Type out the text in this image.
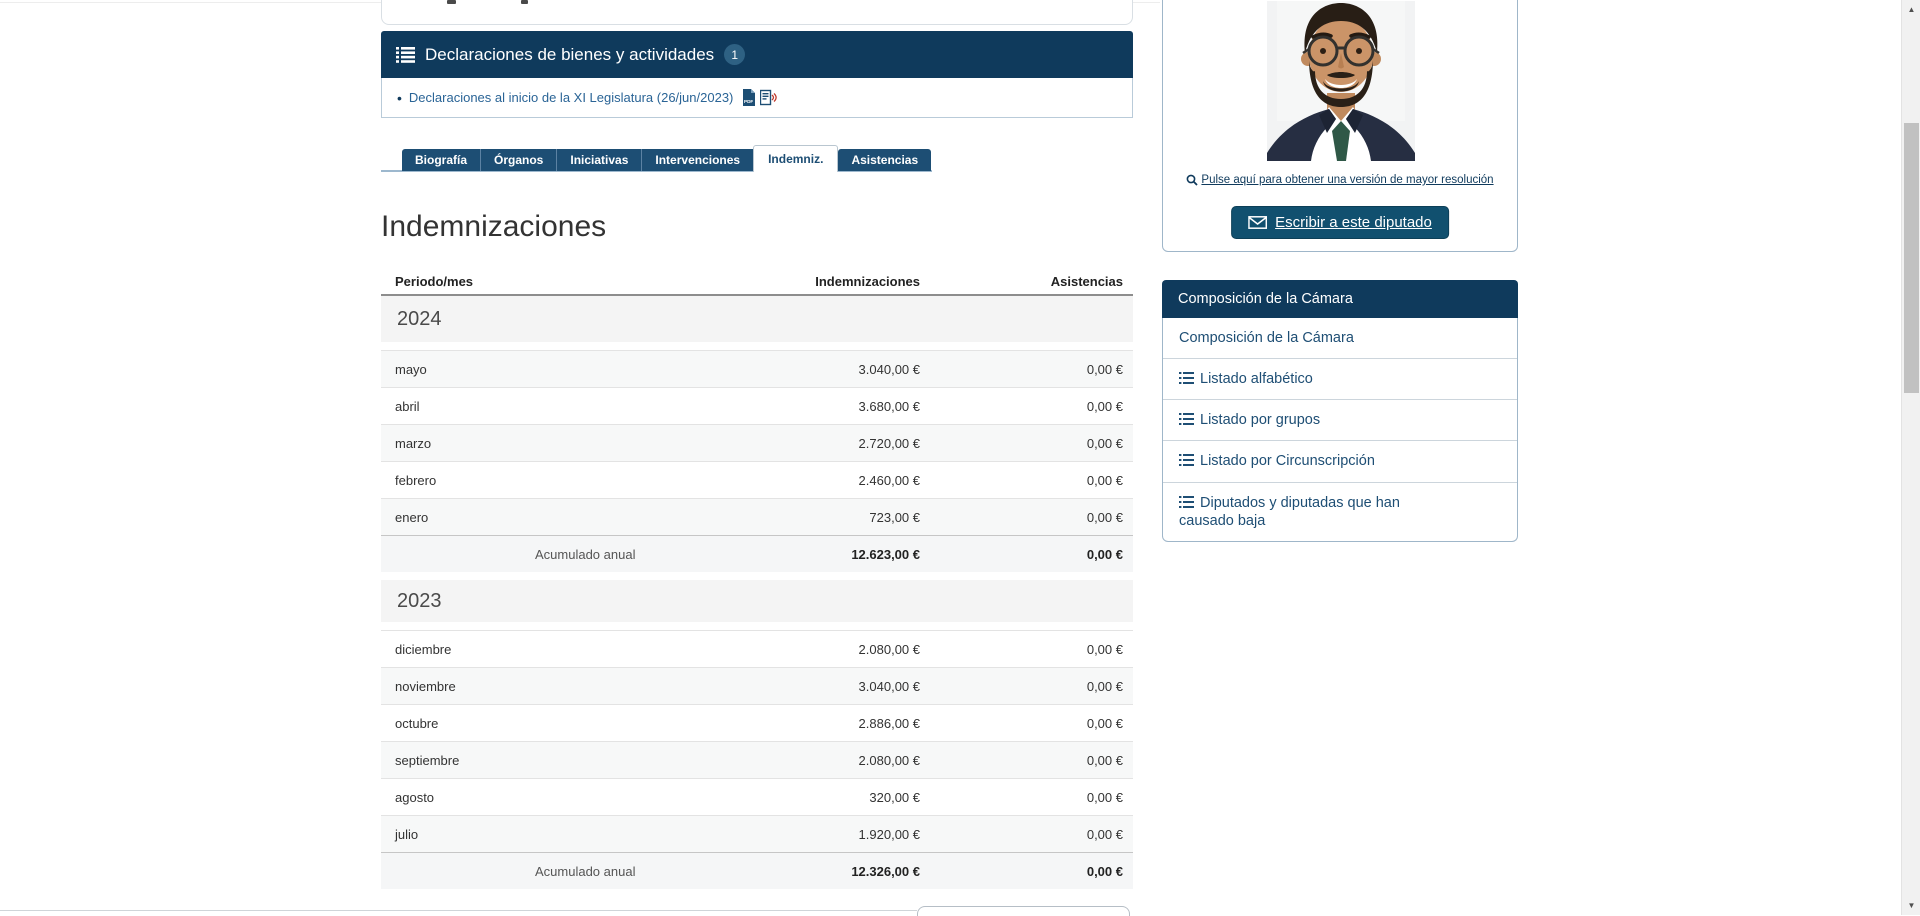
Declaraciones de bienes y actividades	1
• Declaraciones al inicio de la XI Legislatura (26/jun/2023) PDF
Biografía	Órganos	Iniciativas	Intervenciones	Indemniz.	Asistencias
Indemnizaciones
Periodo/mes	Indemnizaciones	Asistencias
2024
mayo	3.040,00 €	0,00 €
abril	3.680,00 €	0,00 €
marzo	2.720,00 €	0,00 €
febrero	2.460,00 €	0,00 €
enero	723,00 €	0,00 €
Acumulado anual	12.623,00 €	0,00 €
2023
diciembre	2.080,00 €	0,00 €
noviembre	3.040,00 €	0,00 €
octubre	2.886,00 €	0,00 €
septiembre	2.080,00 €	0,00 €
agosto	320,00 €	0,00 €
julio	1.920,00 €	0,00 €
Acumulado anual	12.326,00 €	0,00 €
Pulse aquí para obtener una versión de mayor resolución
Escribir a este diputado
Composición de la Cámara
Composición de la Cámara
Listado alfabético
Listado por grupos
Listado por Circunscripción
Diputados y diputadas que han causado baja
▲
▼
